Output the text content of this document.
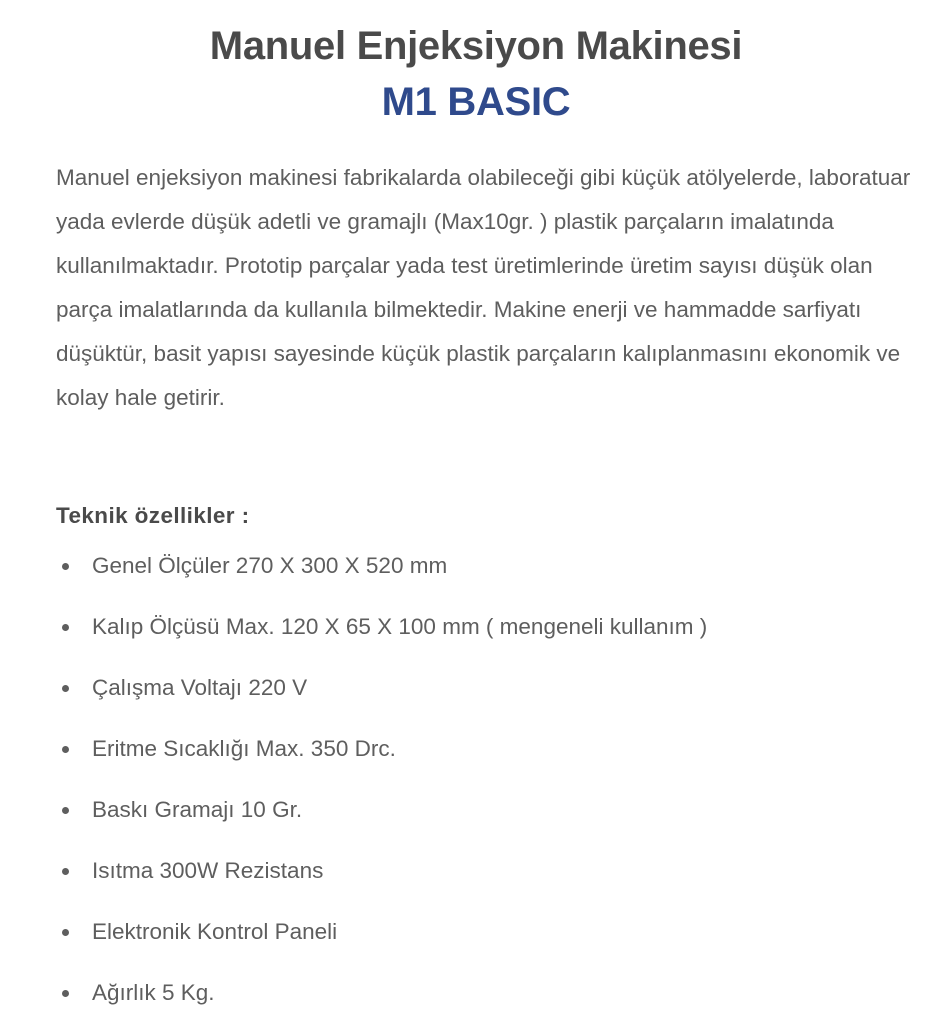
Manuel Enjeksiyon Makinesi
M1 BASIC

Manuel enjeksiyon makinesi fabrikalarda olabileceği gibi küçük atölyelerde, laboratuar yada evlerde düşük adetli ve gramajlı (Max10gr. ) plastik parçaların imalatında kullanılmaktadır. Prototip parçalar yada test üretimlerinde üretim sayısı düşük olan parça imalatlarında da kullanıla bilmektedir. Makine enerji ve hammadde sarfiyatı düşüktür, basit yapısı sayesinde küçük plastik parçaların kalıplanmasını ekonomik ve kolay hale getirir.

Teknik özellikler :
Genel Ölçüler 270 X 300 X 520 mm
Kalıp Ölçüsü Max. 120 X 65 X 100 mm ( mengeneli kullanım )
Çalışma Voltajı 220 V
Eritme Sıcaklığı Max. 350 Drc.
Baskı Gramajı 10 Gr.
Isıtma 300W Rezistans
Elektronik Kontrol Paneli
Ağırlık 5 Kg.
